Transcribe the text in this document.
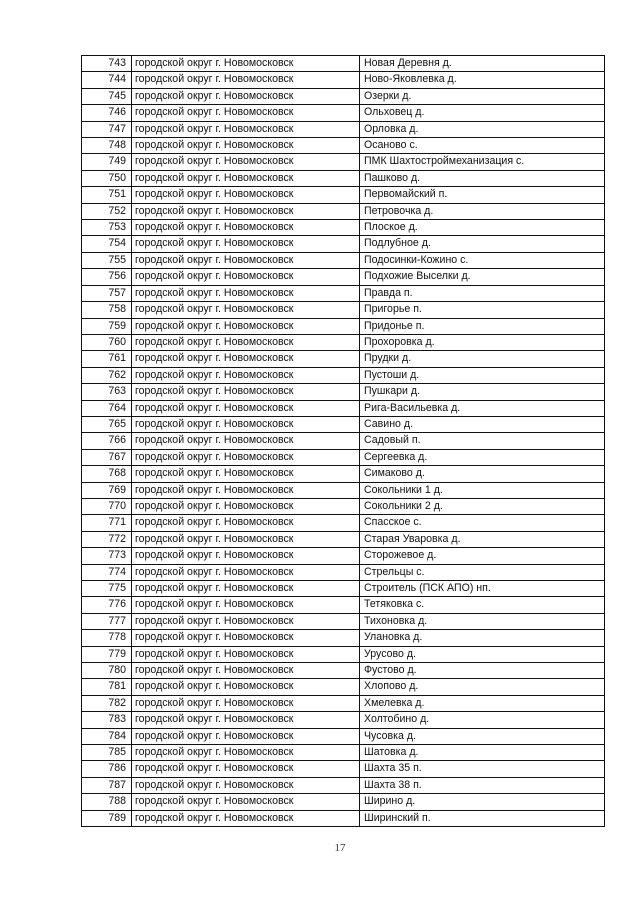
743	городской округ г. Новомосковск	Новая Деревня д.
744	городской округ г. Новомосковск	Ново-Яковлевка д.
745	городской округ г. Новомосковск	Озерки д.
746	городской округ г. Новомосковск	Ольховец д.
747	городской округ г. Новомосковск	Орловка д.
748	городской округ г. Новомосковск	Осаново с.
749	городской округ г. Новомосковск	ПМК Шахтостроймеханизация с.
750	городской округ г. Новомосковск	Пашково д.
751	городской округ г. Новомосковск	Первомайский п.
752	городской округ г. Новомосковск	Петровочка д.
753	городской округ г. Новомосковск	Плоское д.
754	городской округ г. Новомосковск	Подлубное д.
755	городской округ г. Новомосковск	Подосинки-Кожино с.
756	городской округ г. Новомосковск	Подхожие Выселки д.
757	городской округ г. Новомосковск	Правда п.
758	городской округ г. Новомосковск	Пригорье п.
759	городской округ г. Новомосковск	Придонье п.
760	городской округ г. Новомосковск	Прохоровка д.
761	городской округ г. Новомосковск	Прудки д.
762	городской округ г. Новомосковск	Пустоши д.
763	городской округ г. Новомосковск	Пушкари д.
764	городской округ г. Новомосковск	Рига-Васильевка д.
765	городской округ г. Новомосковск	Савино д.
766	городской округ г. Новомосковск	Садовый п.
767	городской округ г. Новомосковск	Сергеевка д.
768	городской округ г. Новомосковск	Симаково д.
769	городской округ г. Новомосковск	Сокольники 1 д.
770	городской округ г. Новомосковск	Сокольники 2 д.
771	городской округ г. Новомосковск	Спасское с.
772	городской округ г. Новомосковск	Старая Уваровка д.
773	городской округ г. Новомосковск	Сторожевое д.
774	городской округ г. Новомосковск	Стрельцы с.
775	городской округ г. Новомосковск	Строитель (ПСК АПО) нп.
776	городской округ г. Новомосковск	Тетяковка с.
777	городской округ г. Новомосковск	Тихоновка д.
778	городской округ г. Новомосковск	Улановка д.
779	городской округ г. Новомосковск	Урусово д.
780	городской округ г. Новомосковск	Фустово д.
781	городской округ г. Новомосковск	Хлопово д.
782	городской округ г. Новомосковск	Хмелевка д.
783	городской округ г. Новомосковск	Холтобино д.
784	городской округ г. Новомосковск	Чусовка д.
785	городской округ г. Новомосковск	Шатовка д.
786	городской округ г. Новомосковск	Шахта 35 п.
787	городской округ г. Новомосковск	Шахта 38 п.
788	городской округ г. Новомосковск	Ширино д.
789	городской округ г. Новомосковск	Ширинский п.
17
